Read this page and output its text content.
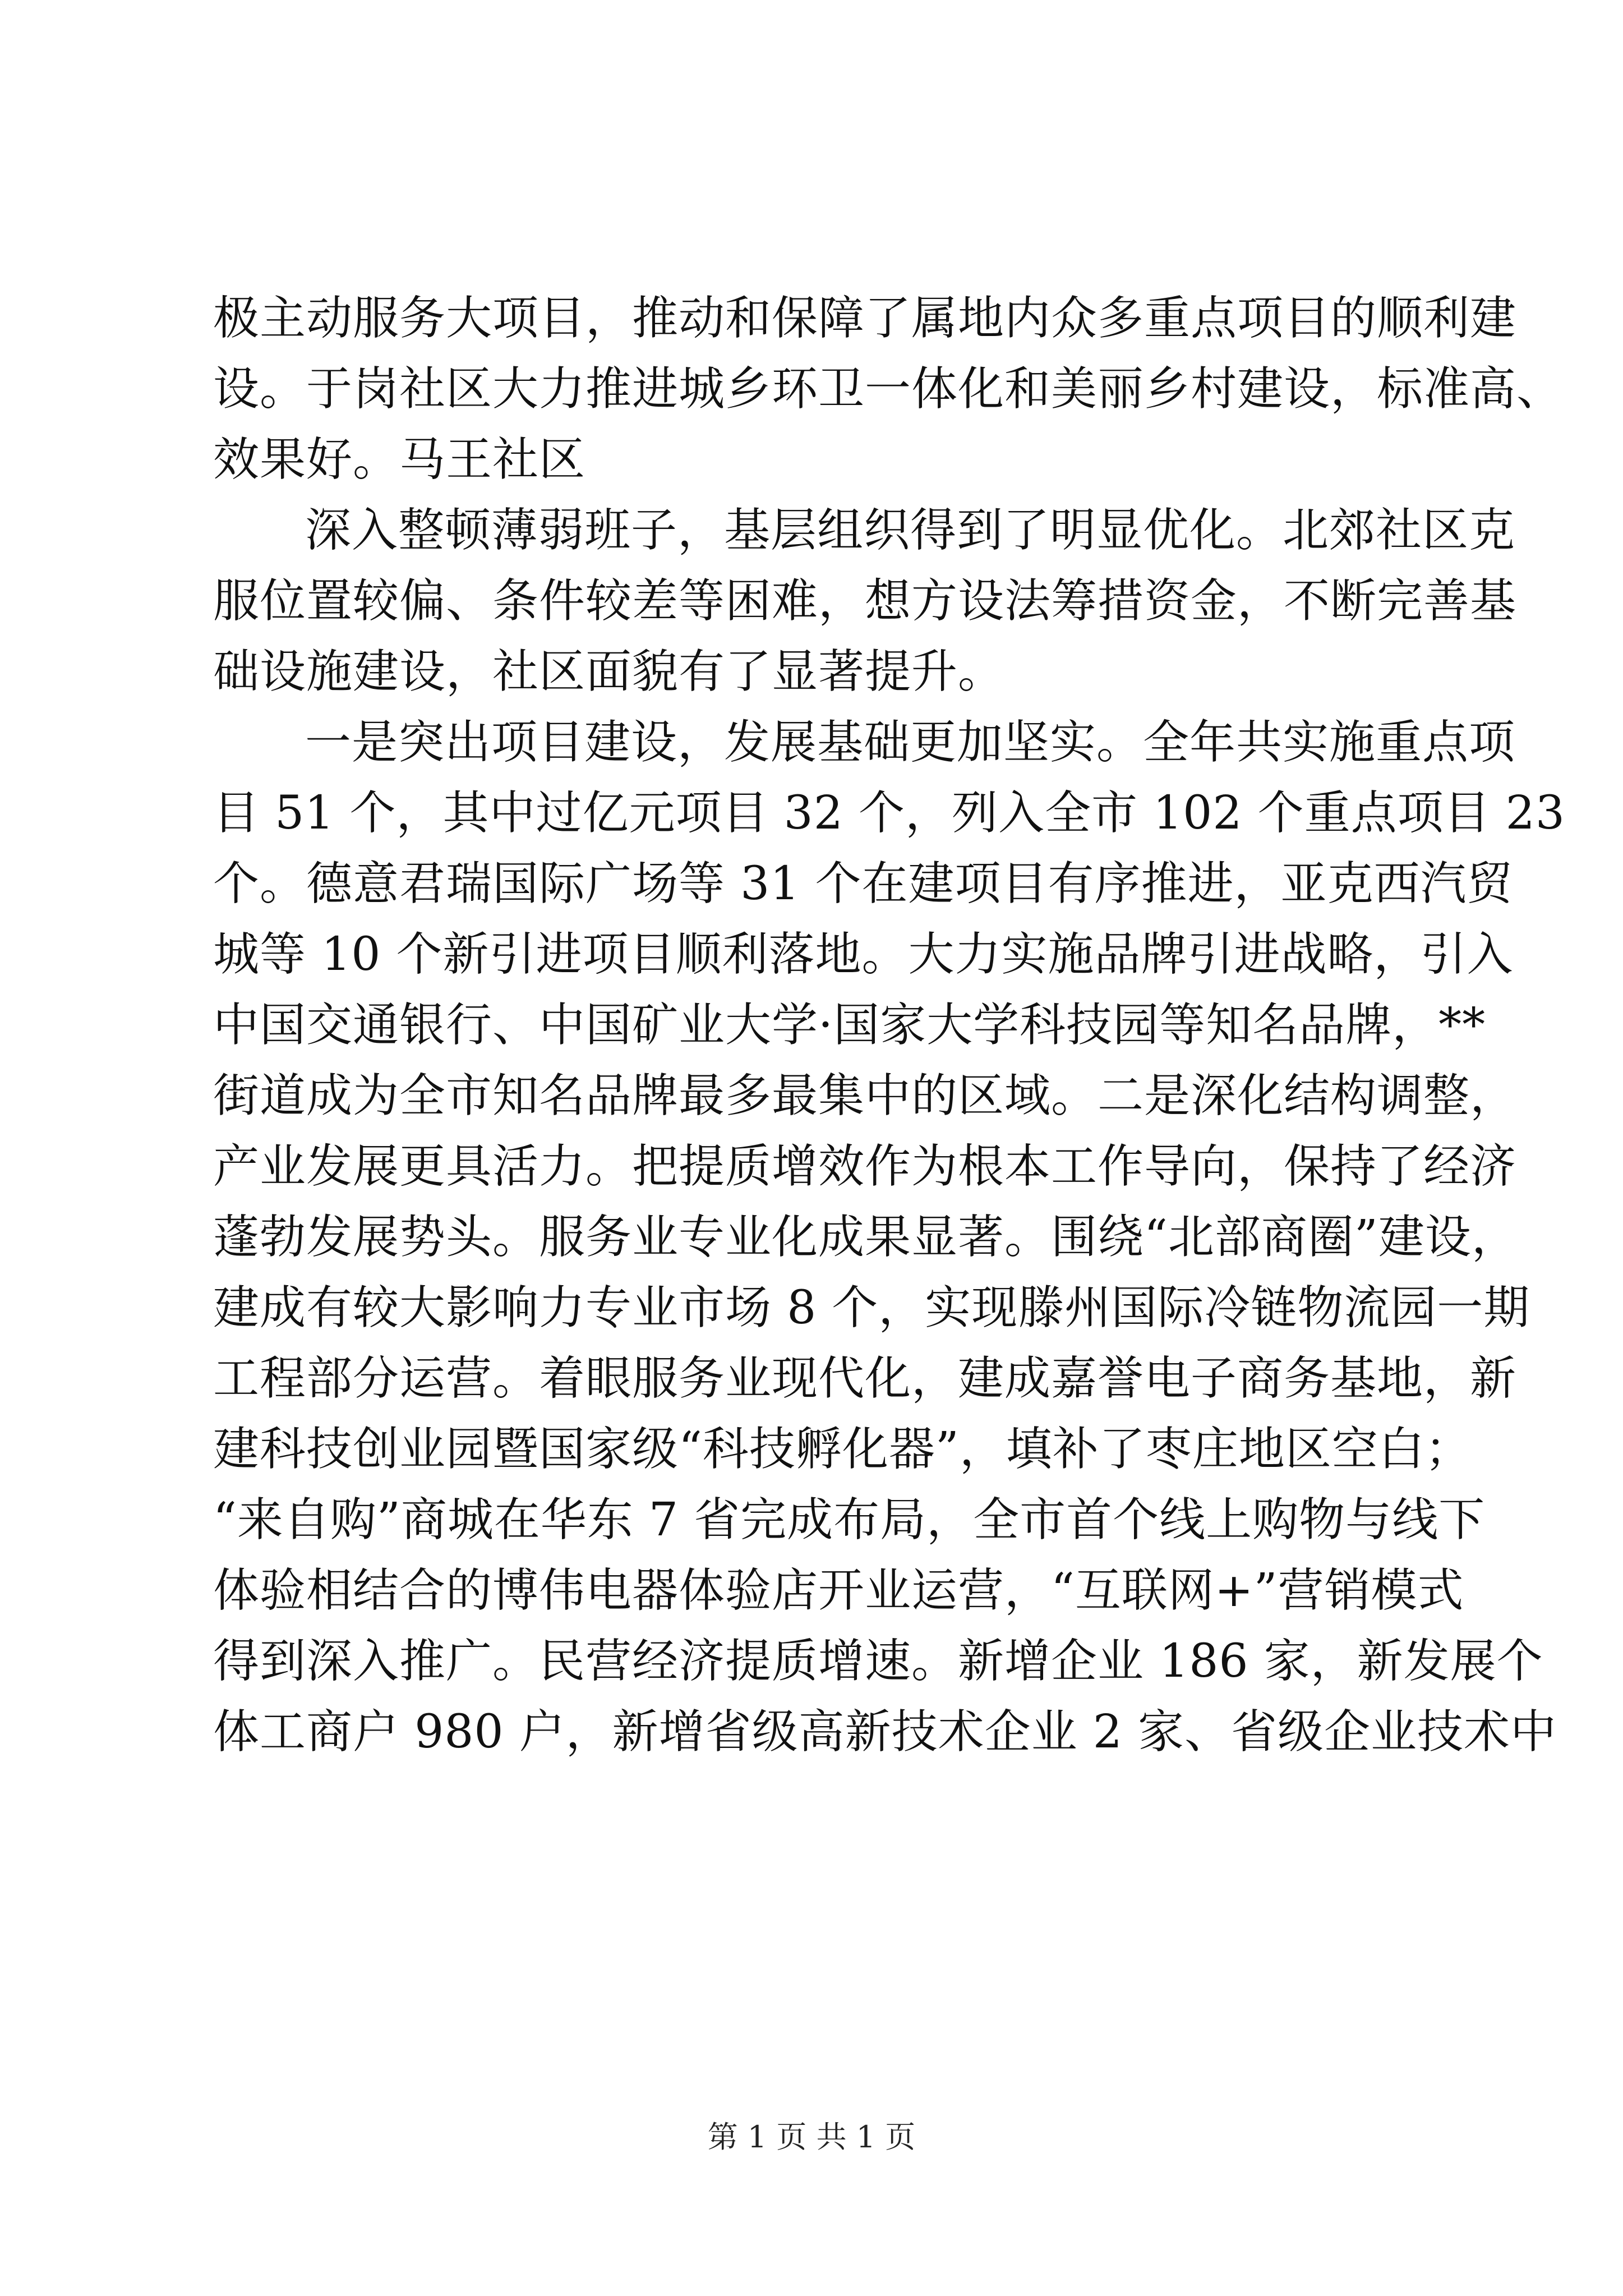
极主动服务大项目，推动和保障了属地内众多重点项目的顺利建
设。于岗社区大力推进城乡环卫一体化和美丽乡村建设，标准高、
效果好。马王社区
深入整顿薄弱班子，基层组织得到了明显优化。北郊社区克
服位置较偏、条件较差等困难，想方设法筹措资金，不断完善基
础设施建设，社区面貌有了显著提升。
一是突出项目建设，发展基础更加坚实。全年共实施重点项
目 51 个，其中过亿元项目 32 个，列入全市 102 个重点项目 23
个。德意君瑞国际广场等 31 个在建项目有序推进，亚克西汽贸
城等 10 个新引进项目顺利落地。大力实施品牌引进战略，引入
中国交通银行、中国矿业大学·国家大学科技园等知名品牌，**
街道成为全市知名品牌最多最集中的区域。二是深化结构调整，
产业发展更具活力。把提质增效作为根本工作导向，保持了经济
蓬勃发展势头。服务业专业化成果显著。围绕“北部商圈”建设，
建成有较大影响力专业市场 8 个，实现滕州国际冷链物流园一期
工程部分运营。着眼服务业现代化，建成嘉誉电子商务基地，新
建科技创业园暨国家级“科技孵化器”，填补了枣庄地区空白；
“来自购”商城在华东 7 省完成布局，全市首个线上购物与线下
体验相结合的博伟电器体验店开业运营，“互联网+”营销模式
得到深入推广。民营经济提质增速。新增企业 186 家，新发展个
体工商户 980 户，新增省级高新技术企业 2 家、省级企业技术中
第 1 页 共 1 页
